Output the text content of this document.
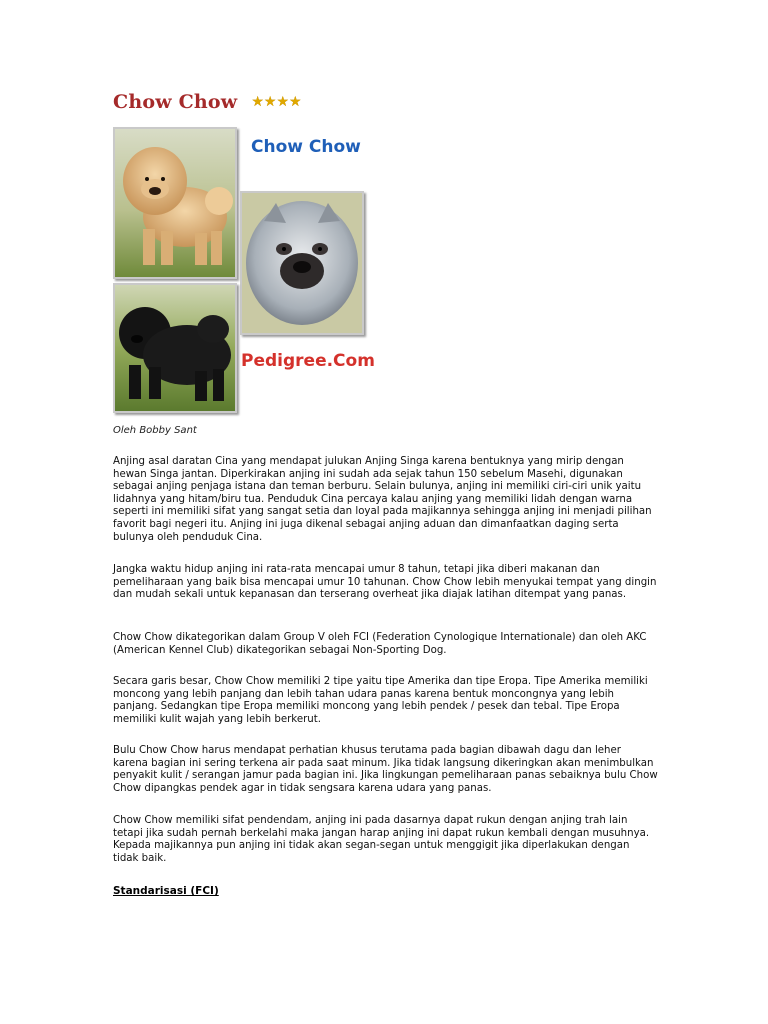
Chow Chow ★ ★ ★ ★
Chow Chow
Pedigree.Com
Oleh Bobby Sant

Anjing asal daratan Cina yang mendapat julukan Anjing Singa karena bentuknya yang mirip dengan hewan Singa jantan. Diperkirakan anjing ini sudah ada sejak tahun 150 sebelum Masehi, digunakan sebagai anjing penjaga istana dan teman berburu. Selain bulunya, anjing ini memiliki ciri-ciri unik yaitu lidahnya yang hitam/biru tua. Penduduk Cina percaya kalau anjing yang memiliki lidah dengan warna seperti ini memiliki sifat yang sangat setia dan loyal pada majikannya sehingga anjing ini menjadi pilihan favorit bagi negeri itu. Anjing ini juga dikenal sebagai anjing aduan dan dimanfaatkan daging serta bulunya oleh penduduk Cina.

Jangka waktu hidup anjing ini rata-rata mencapai umur 8 tahun, tetapi jika diberi makanan dan pemeliharaan yang baik bisa mencapai umur 10 tahunan. Chow Chow lebih menyukai tempat yang dingin dan mudah sekali untuk kepanasan dan terserang overheat jika diajak latihan ditempat yang panas.

Chow Chow dikategorikan dalam Group V oleh FCI (Federation Cynologique Internationale) dan oleh AKC (American Kennel Club) dikategorikan sebagai Non-Sporting Dog.

Secara garis besar, Chow Chow memiliki 2 tipe yaitu tipe Amerika dan tipe Eropa. Tipe Amerika memiliki moncong yang lebih panjang dan lebih tahan udara panas karena bentuk moncongnya yang lebih panjang. Sedangkan tipe Eropa memiliki moncong yang lebih pendek / pesek dan tebal. Tipe Eropa memiliki kulit wajah yang lebih berkerut.

Bulu Chow Chow harus mendapat perhatian khusus terutama pada bagian dibawah dagu dan leher karena bagian ini sering terkena air pada saat minum. Jika tidak langsung dikeringkan akan menimbulkan penyakit kulit / serangan jamur pada bagian ini. Jika lingkungan pemeliharaan panas sebaiknya bulu Chow Chow dipangkas pendek agar in tidak sengsara karena udara yang panas.

Chow Chow memiliki sifat pendendam, anjing ini pada dasarnya dapat rukun dengan anjing trah lain tetapi jika sudah pernah berkelahi maka jangan harap anjing ini dapat rukun kembali dengan musuhnya. Kepada majikannya pun anjing ini tidak akan segan-segan untuk menggigit jika diperlakukan dengan tidak baik.

Standarisasi (FCI)
